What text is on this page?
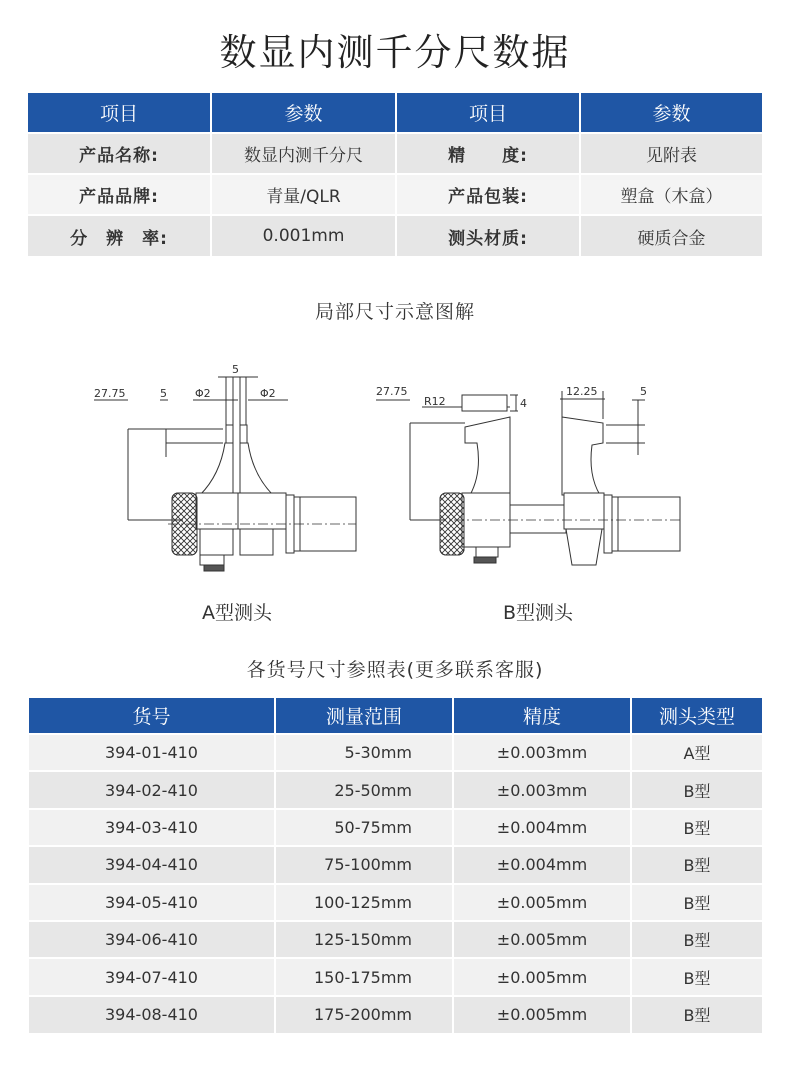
数显内测千分尺数据
项目	参数	项目	参数
产品名称:	数显内测千分尺	精　　度:	见附表
产品品牌:	青量/QLR	产品包装:	塑盒（木盒）
分　辨　率:	0.001mm	测头材质:	硬质合金
局部尺寸示意图解
27.75	5
5
Φ2	Φ2
A型测头
27.75
R12	4
12.25	5
B型测头
各货号尺寸参照表(更多联系客服)
货号	测量范围	精度	测头类型
394-01-410	5-30mm	±0.003mm	A型
394-02-410	25-50mm	±0.003mm	B型
394-03-410	50-75mm	±0.004mm	B型
394-04-410	75-100mm	±0.004mm	B型
394-05-410	100-125mm	±0.005mm	B型
394-06-410	125-150mm	±0.005mm	B型
394-07-410	150-175mm	±0.005mm	B型
394-08-410	175-200mm	±0.005mm	B型
